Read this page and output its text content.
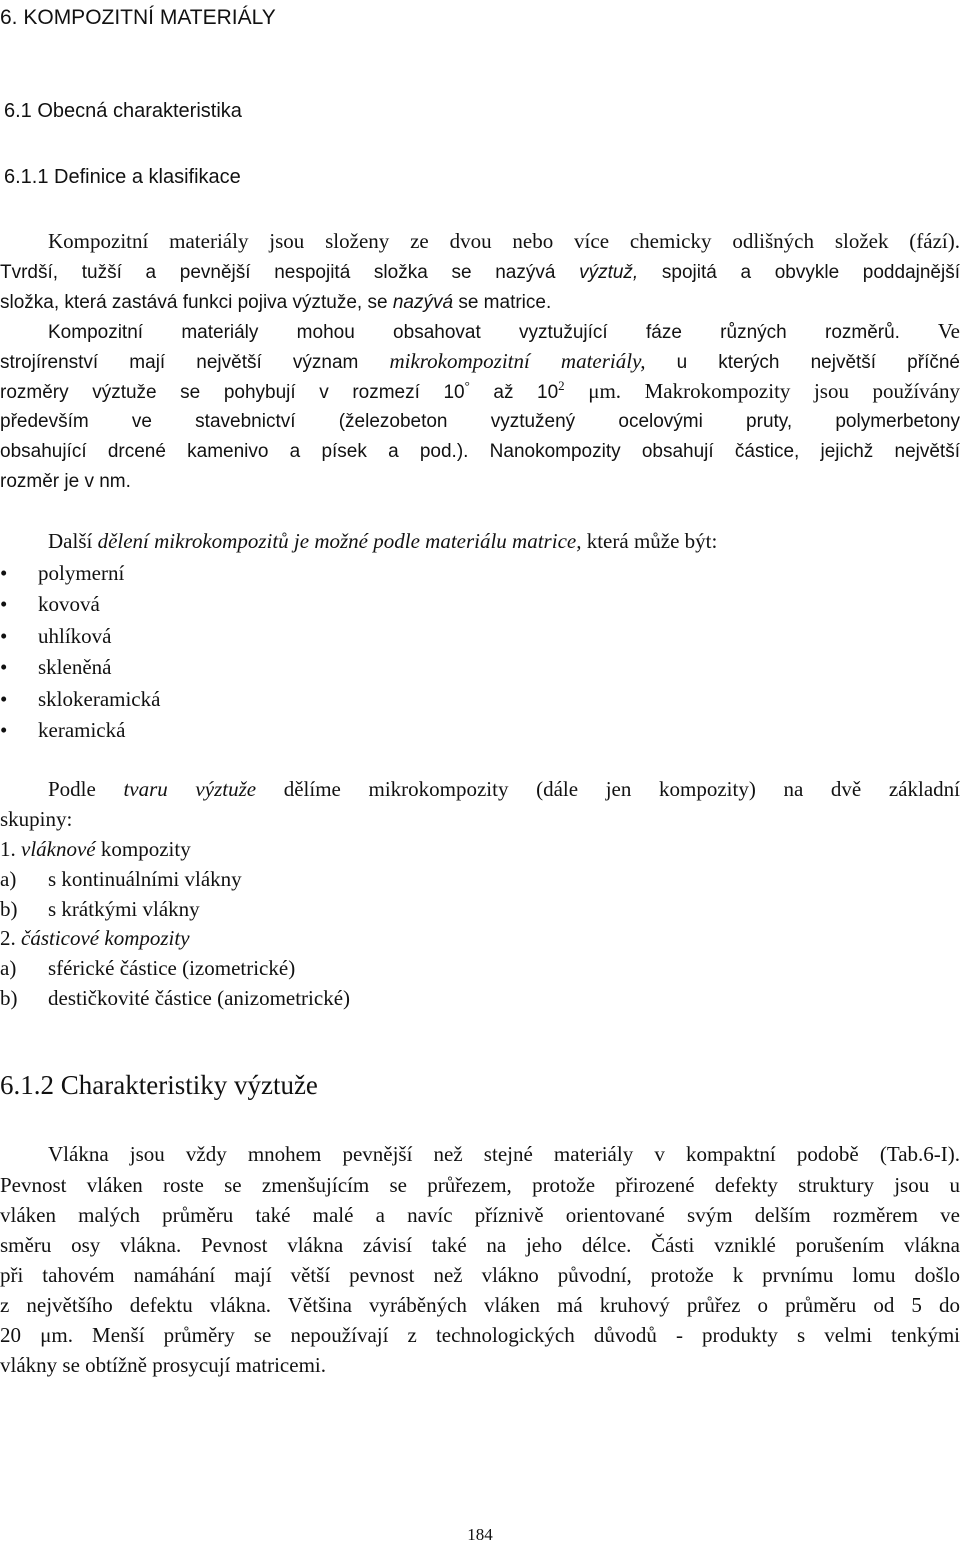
6. KOMPOZITNÍ MATERIÁLY
6.1 Obecná charakteristika
6.1.1 Definice a klasifikace
Kompozitní materiály jsou složeny ze dvou nebo více chemicky odlišných složek (fází).
Tvrdší, tužší a pevnější nespojitá složka se nazývá výztuž, spojitá a obvykle poddajnější
složka, která zastává funkci pojiva výztuže, se nazývá se matrice.
Kompozitní materiály mohou obsahovat vyztužující fáze různých rozměrů. Ve
strojírenství mají největší význam mikrokompozitní materiály, u kterých největší příčné
rozměry výztuže se pohybují v rozmezí 10° až $10^2$ μm. Makrokompozity jsou používány
především ve stavebnictví (železobeton vyztužený ocelovými pruty, polymerbetony
obsahující drcené kamenivo a písek a pod.). Nanokompozity obsahují částice, jejichž největší
rozměr je v nm.
Další dělení mikrokompozitů je možné podle materiálu matrice, která může být:
• polymerní
• kovová
• uhlíková
• skleněná
• sklokeramická
• keramická
Podle tvaru výztuže dělíme mikrokompozity (dále jen kompozity) na dvě základní
skupiny:
1. vláknové kompozity
a) s kontinuálními vlákny
b) s krátkými vlákny
2. částicové kompozity
a) sférické částice (izometrické)
b) destičkovité částice (anizometrické)
6.1.2 Charakteristiky výztuže
Vlákna jsou vždy mnohem pevnější než stejné materiály v kompaktní podobě (Tab.6-I).
Pevnost vláken roste se zmenšujícím se průřezem, protože přirozené defekty struktury jsou u
vláken malých průměru také malé a navíc příznivě orientované svým delším rozměrem ve
směru osy vlákna. Pevnost vlákna závisí také na jeho délce. Části vzniklé porušením vlákna
při tahovém namáhání mají větší pevnost než vlákno původní, protože k prvnímu lomu došlo
z největšího defektu vlákna. Většina vyráběných vláken má kruhový průřez o průměru od 5 do
20 μm. Menší průměry se nepoužívají z technologických důvodů - produkty s velmi tenkými
vlákny se obtížně prosycují matricemi.
184
